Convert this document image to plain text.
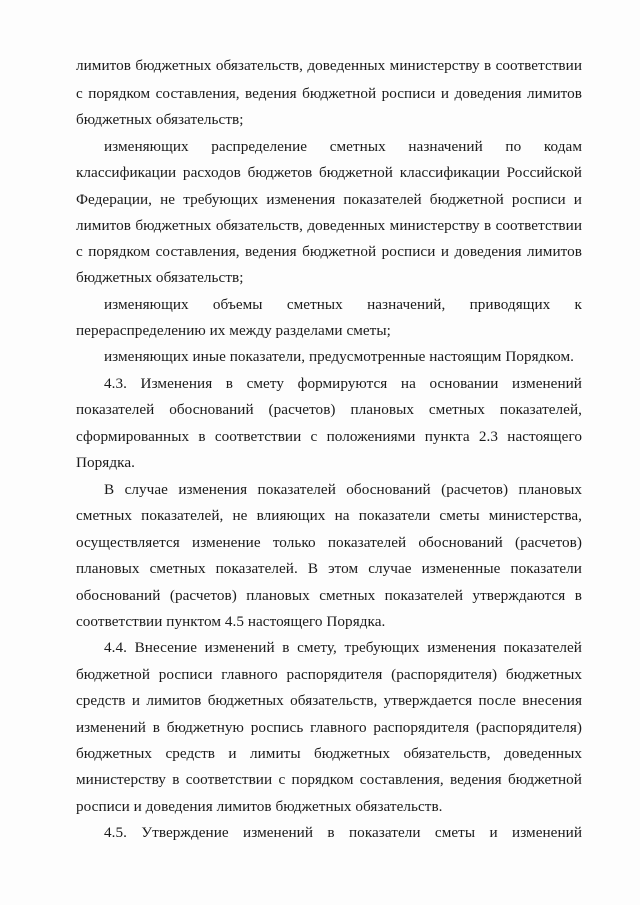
лимитов бюджетных обязательств, доведенных министерству в соответствии
с порядком составления, ведения бюджетной росписи и доведения лимитов
бюджетных обязательств;
изменяющих распределение сметных назначений по кодам
классификации расходов бюджетов бюджетной классификации Российской
Федерации, не требующих изменения показателей бюджетной росписи и
лимитов бюджетных обязательств, доведенных министерству в соответствии
с порядком составления, ведения бюджетной росписи и доведения лимитов
бюджетных обязательств;
изменяющих объемы сметных назначений, приводящих к
перераспределению их между разделами сметы;
изменяющих иные показатели, предусмотренные настоящим Порядком.
4.3. Изменения в смету формируются на основании изменений
показателей обоснований (расчетов) плановых сметных показателей,
сформированных в соответствии с положениями пункта 2.3 настоящего
Порядка.
В случае изменения показателей обоснований (расчетов) плановых
сметных показателей, не влияющих на показатели сметы министерства,
осуществляется изменение только показателей обоснований (расчетов)
плановых сметных показателей. В этом случае измененные показатели
обоснований (расчетов) плановых сметных показателей утверждаются в
соответствии пунктом 4.5 настоящего Порядка.
4.4. Внесение изменений в смету, требующих изменения показателей
бюджетной росписи главного распорядителя (распорядителя) бюджетных
средств и лимитов бюджетных обязательств, утверждается после внесения
изменений в бюджетную роспись главного распорядителя (распорядителя)
бюджетных средств и лимиты бюджетных обязательств, доведенных
министерству в соответствии с порядком составления, ведения бюджетной
росписи и доведения лимитов бюджетных обязательств.
4.5. Утверждение изменений в показатели сметы и изменений
